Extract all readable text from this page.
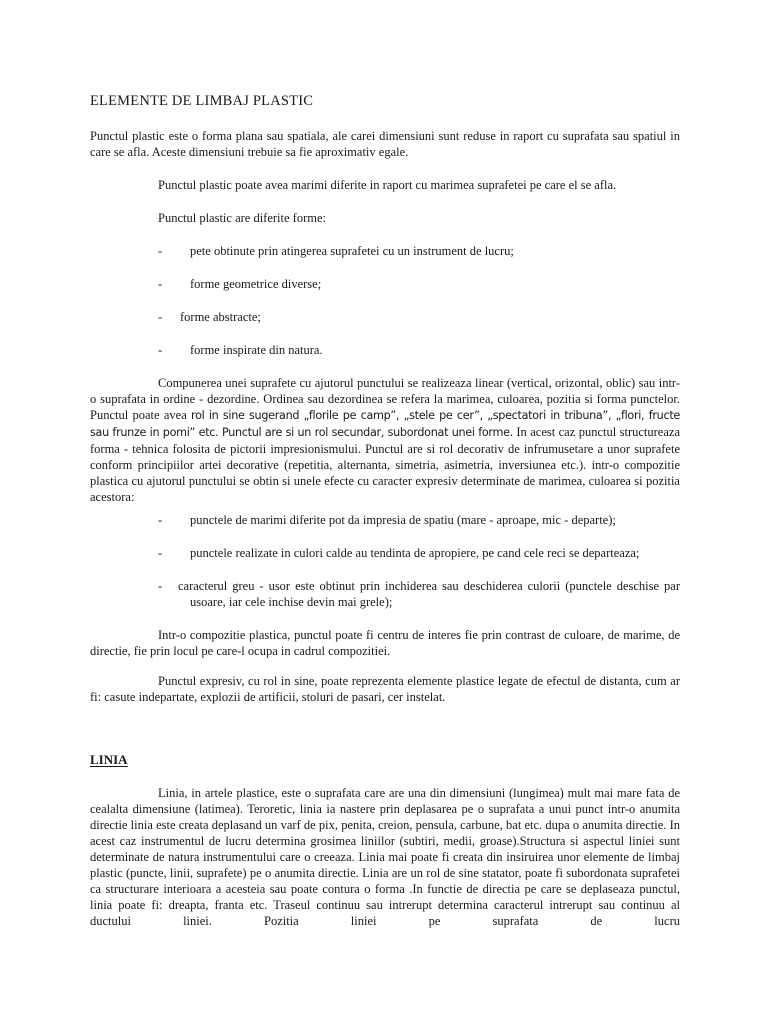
ELEMENTE DE LIMBAJ PLASTIC

Punctul plastic este o forma plana sau spatiala, ale carei dimensiuni sunt reduse in raport cu suprafata sau spatiul in care se afla. Aceste dimensiuni trebuie sa fie aproximativ egale.

Punctul plastic poate avea marimi diferite in raport cu marimea suprafetei pe care el se afla.

Punctul plastic are diferite forme:

- pete obtinute prin atingerea suprafetei cu un instrument de lucru;

- forme geometrice diverse;

- forme abstracte;

- forme inspirate din natura.

Compunerea unei suprafete cu ajutorul punctului se realizeaza linear (vertical, orizontal, oblic) sau intr-o suprafata in ordine - dezordine. Ordinea sau dezordinea se refera la marimea, culoarea, pozitia si forma punctelor. Punctul poate avea rol in sine sugerand „florile pe camp”, „stele pe cer”, „spectatori in tribuna”, „flori, fructe sau frunze in pomi” etc. Punctul are si un rol secundar, subordonat unei forme. In acest caz punctul structureaza forma - tehnica folosita de pictorii impresionismului. Punctul are si rol decorativ de infrumusetare a unor suprafete conform principiilor artei decorative (repetitia, alternanta, simetria, asimetria, inversiunea etc.). intr-o compozitie plastica cu ajutorul punctului se obtin si unele efecte cu caracter expresiv determinate de marimea, culoarea si pozitia acestora:

- punctele de marimi diferite pot da impresia de spatiu (mare - aproape, mic - departe);

- punctele realizate in culori calde au tendinta de apropiere, pe cand cele reci se departeaza;

- caracterul greu - usor este obtinut prin inchiderea sau deschiderea culorii (punctele deschise par usoare, iar cele inchise devin mai grele);

Intr-o compozitie plastica, punctul poate fi centru de interes fie prin contrast de culoare, de marime, de directie, fie prin locul pe care-l ocupa in cadrul compozitiei.

Punctul expresiv, cu rol in sine, poate reprezenta elemente plastice legate de efectul de distanta, cum ar fi: casute indepartate, explozii de artificii, stoluri de pasari, cer instelat.

LINIA

Linia, in artele plastice, este o suprafata care are una din dimensiuni (lungimea) mult mai mare fata de cealalta dimensiune (latimea). Teroretic, linia ia nastere prin deplasarea pe o suprafata a unui punct intr-o anumita directie linia este creata deplasand un varf de pix, penita, creion, pensula, carbune, bat etc. dupa o anumita directie. In acest caz instrumentul de lucru determina grosimea liniilor (subtiri, medii, groase).Structura si aspectul liniei sunt determinate de natura instrumentului care o creeaza. Linia mai poate fi creata din insiruirea unor elemente de limbaj plastic (puncte, linii, suprafete) pe o anumita directie. Linia are un rol de sine statator, poate fi subordonata suprafetei ca structurare interioara a acesteia sau poate contura o forma .In functie de directia pe care se deplaseaza punctul, linia poate fi: dreapta, franta etc. Traseul continuu sau intrerupt determina caracterul intrerupt sau continuu al ductului liniei. Pozitia liniei pe suprafata de lucru
